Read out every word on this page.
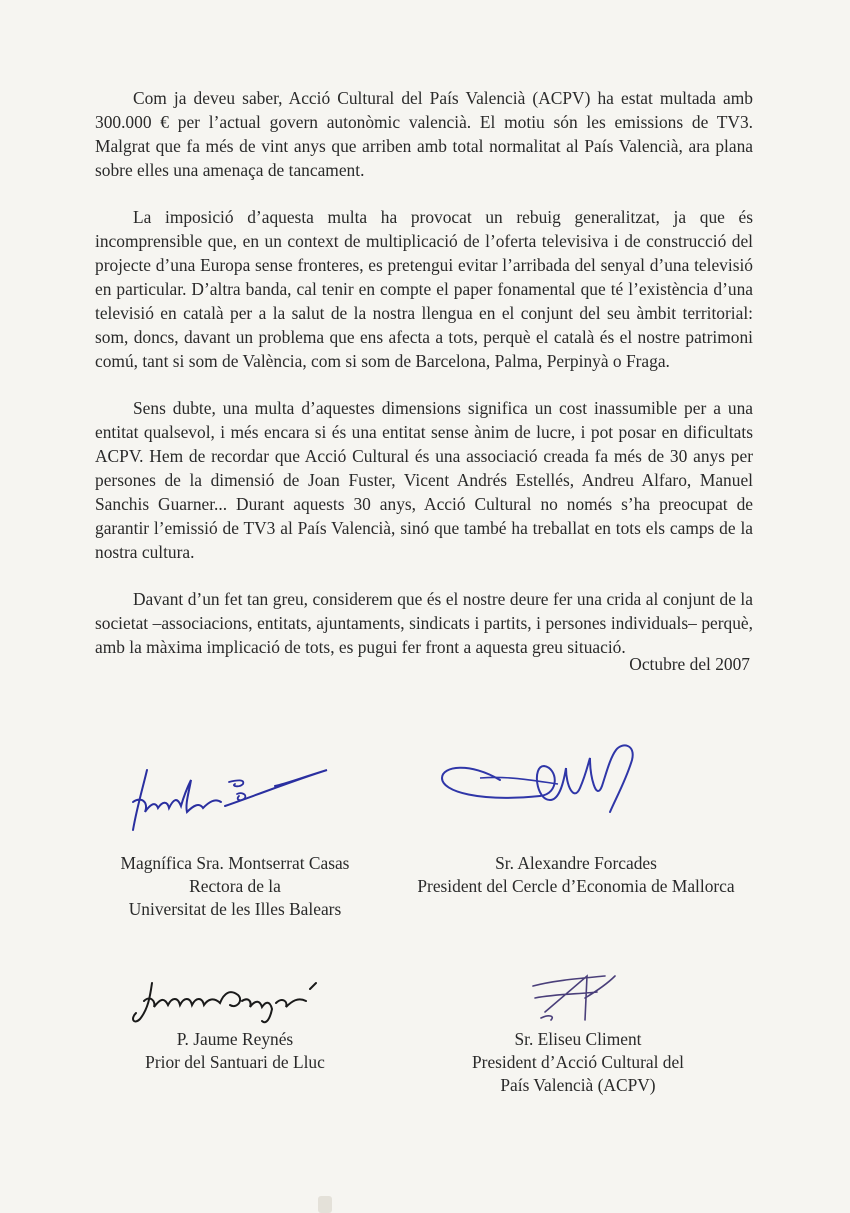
Com ja deveu saber, Acció Cultural del País Valencià (ACPV) ha estat multada amb 300.000 € per l’actual govern autonòmic valencià. El motiu són les emissions de TV3. Malgrat que fa més de vint anys que arriben amb total normalitat al País Valencià, ara plana sobre elles una amenaça de tancament.

La imposició d’aquesta multa ha provocat un rebuig generalitzat, ja que és incomprensible que, en un context de multiplicació de l’oferta televisiva i de construcció del projecte d’una Europa sense fronteres, es pretengui evitar l’arribada del senyal d’una televisió en particular. D’altra banda, cal tenir en compte el paper fonamental que té l’existència d’una televisió en català per a la salut de la nostra llengua en el conjunt del seu àmbit territorial: som, doncs, davant un problema que ens afecta a tots, perquè el català és el nostre patrimoni comú, tant si som de València, com si som de Barcelona, Palma, Perpinyà o Fraga.

Sens dubte, una multa d’aquestes dimensions significa un cost inassumible per a una entitat qualsevol, i més encara si és una entitat sense ànim de lucre, i pot posar en dificultats ACPV. Hem de recordar que Acció Cultural és una associació creada fa més de 30 anys per persones de la dimensió de Joan Fuster, Vicent Andrés Estellés, Andreu Alfaro, Manuel Sanchis Guarner... Durant aquests 30 anys, Acció Cultural no només s’ha preocupat de garantir l’emissió de TV3 al País Valencià, sinó que també ha treballat en tots els camps de la nostra cultura.

Davant d’un fet tan greu, considerem que és el nostre deure fer una crida al conjunt de la societat –associacions, entitats, ajuntaments, sindicats i partits, i persones individuals– perquè, amb la màxima implicació de tots, es pugui fer front a aquesta greu situació.

Octubre del 2007
Magnífica Sra. Montserrat Casas
Rectora de la
Universitat de les Illes Balears
Sr. Alexandre Forcades
President del Cercle d’Economia de Mallorca
P. Jaume Reynés
Prior del Santuari de Lluc
Sr. Eliseu Climent
President d’Acció Cultural del
País Valencià (ACPV)
